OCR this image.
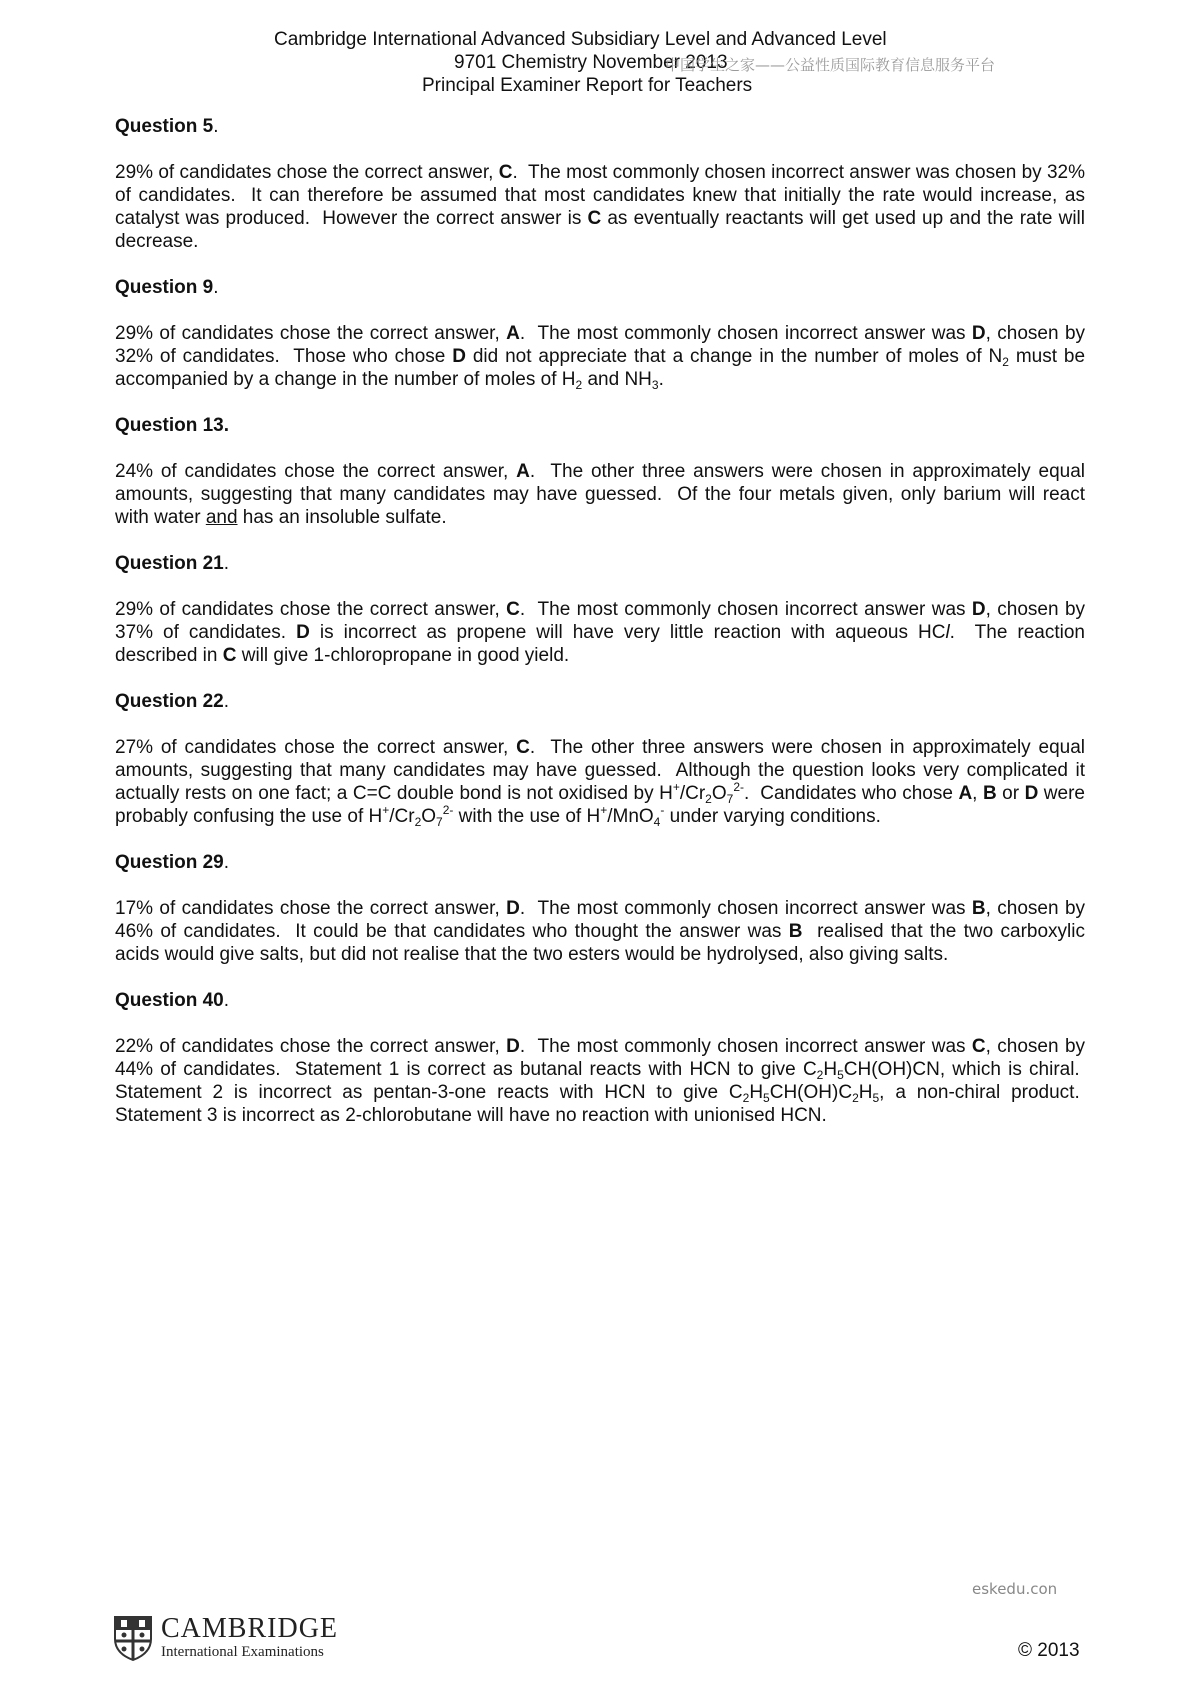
Cambridge International Advanced Subsidiary Level and Advanced Level
9701 Chemistry November 2013
Principal Examiner Report for Teachers
中国学生之家——公益性质国际教育信息服务平台
Question 5.
29% of candidates chose the correct answer, C.  The most commonly chosen incorrect answer was chosen by 32% of candidates.  It can therefore be assumed that most candidates knew that initially the rate would increase, as catalyst was produced.  However the correct answer is C as eventually reactants will get used up and the rate will decrease.
Question 9.
29% of candidates chose the correct answer, A.  The most commonly chosen incorrect answer was D, chosen by 32% of candidates.  Those who chose D did not appreciate that a change in the number of moles of $N_2$ must be accompanied by a change in the number of moles of $H_2$ and $NH_3$.
Question 13.
24% of candidates chose the correct answer, A.  The other three answers were chosen in approximately equal amounts, suggesting that many candidates may have guessed.  Of the four metals given, only barium will react with water and has an insoluble sulfate.
Question 21.
29% of candidates chose the correct answer, C.  The most commonly chosen incorrect answer was D, chosen by 37% of candidates. D is incorrect as propene will have very little reaction with aqueous HCl.  The reaction described in C will give 1-chloropropane in good yield.
Question 22.
27% of candidates chose the correct answer, C.  The other three answers were chosen in approximately equal amounts, suggesting that many candidates may have guessed.  Although the question looks very complicated it actually rests on one fact; a C=C double bond is not oxidised by $H^+/Cr_2O_7^{2-}$.  Candidates who chose A, B or D were probably confusing the use of $H^+/Cr_2O_7^{2-}$ with the use of H+/MnO$_4$- under varying conditions.
Question 29.
17% of candidates chose the correct answer, D.  The most commonly chosen incorrect answer was B, chosen by 46% of candidates.  It could be that candidates who thought the answer was B  realised that the two carboxylic acids would give salts, but did not realise that the two esters would be hydrolysed, also giving salts.
Question 40.
22% of candidates chose the correct answer, D.  The most commonly chosen incorrect answer was C, chosen by 44% of candidates.  Statement 1 is correct as butanal reacts with HCN to give $C_2H_5CH(OH)CN$, which is chiral.  Statement 2 is incorrect as pentan-3-one reacts with HCN to give $C_2H_5CH(OH)C_2H_5$, a non-chiral product.  Statement 3 is incorrect as 2-chlorobutane will have no reaction with unionised HCN.
eskedu.con
CAMBRIDGE
International Examinations	© 2013
